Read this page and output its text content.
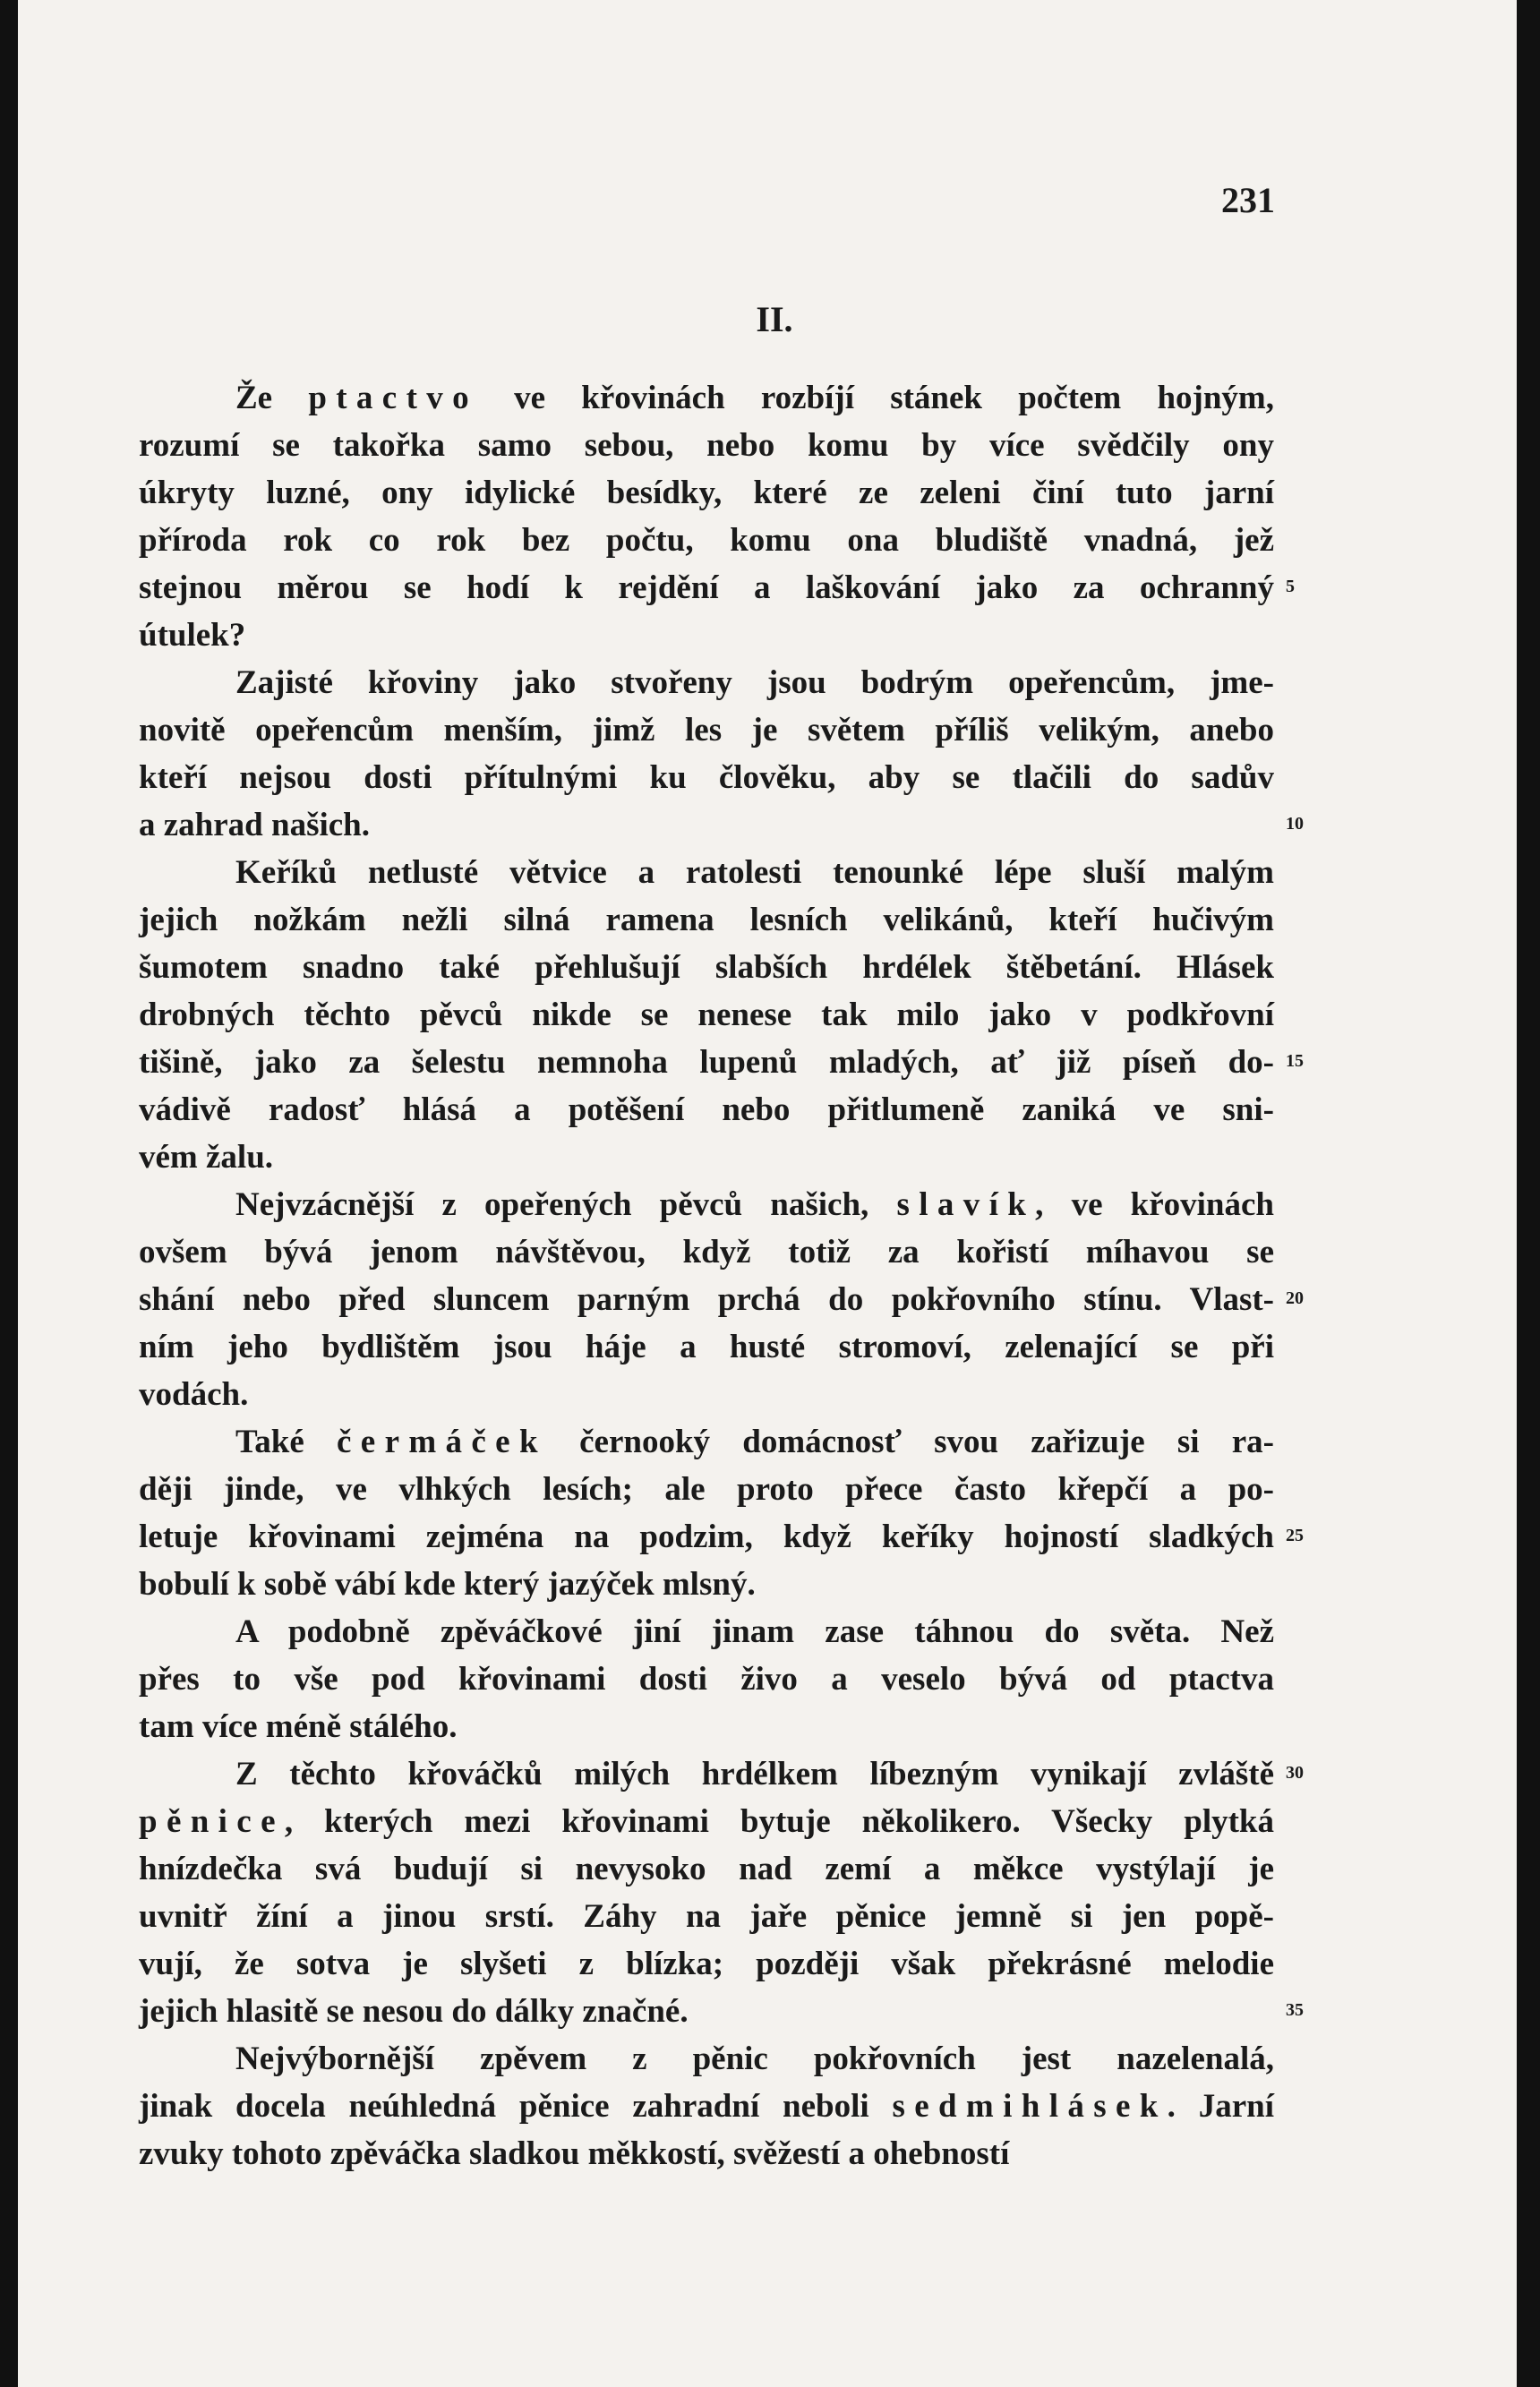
231
II.
Že ptactvo ve křovinách rozbíjí stánek počtem hojným,
rozumí se takořka samo sebou, nebo komu by více svědčily ony
úkryty luzné, ony idylické besídky, které ze zeleni činí tuto jarní
příroda rok co rok bez počtu, komu ona bludiště vnadná, jež
stejnou měrou se hodí k rejdění a laškování jako za ochranný
útulek?
Zajisté křoviny jako stvořeny jsou bodrým opeřencům, jme-
novitě opeřencům menším, jimž les je světem příliš velikým, anebo
kteří nejsou dosti přítulnými ku člověku, aby se tlačili do sadův
a zahrad našich.
Keříků netlusté větvice a ratolesti tenounké lépe sluší malým
jejich nožkám nežli silná ramena lesních velikánů, kteří hučivým
šumotem snadno také přehlušují slabších hrdélek štěbetání. Hlásek
drobných těchto pěvců nikde se nenese tak milo jako v podkřovní
tišině, jako za šelestu nemnoha lupenů mladých, ať již píseň do-
vádivě radosť hlásá a potěšení nebo přitlumeně zaniká ve sni-
vém žalu.
Nejvzácnější z opeřených pěvců našich, slavík, ve křovinách
ovšem bývá jenom návštěvou, když totiž za kořistí míhavou se
shání nebo před sluncem parným prchá do pokřovního stínu. Vlast-
ním jeho bydlištěm jsou háje a husté stromoví, zelenající se při
vodách.
Také čermáček černooký domácnosť svou zařizuje si ra-
ději jinde, ve vlhkých lesích; ale proto přece často křepčí a po-
letuje křovinami zejména na podzim, když keříky hojností sladkých
bobulí k sobě vábí kde který jazýček mlsný.
A podobně zpěváčkové jiní jinam zase táhnou do světa. Než
přes to vše pod křovinami dosti živo a veselo bývá od ptactva
tam více méně stálého.
Z těchto křováčků milých hrdélkem líbezným vynikají zvláště
pěnice, kterých mezi křovinami bytuje několikero. Všecky plytká
hnízdečka svá budují si nevysoko nad zemí a měkce vystýlají je
uvnitř žíní a jinou srstí. Záhy na jaře pěnice jemně si jen popě-
vují, že sotva je slyšeti z blízka; později však překrásné melodie
jejich hlasitě se nesou do dálky značné.
Nejvýbornější zpěvem z pěnic pokřovních jest nazelenalá,
jinak docela neúhledná pěnice zahradní neboli sedmihlásek. Jarní
zvuky tohoto zpěváčka sladkou měkkostí, svěžestí a ohebností
5
10
15
20
25
30
35
